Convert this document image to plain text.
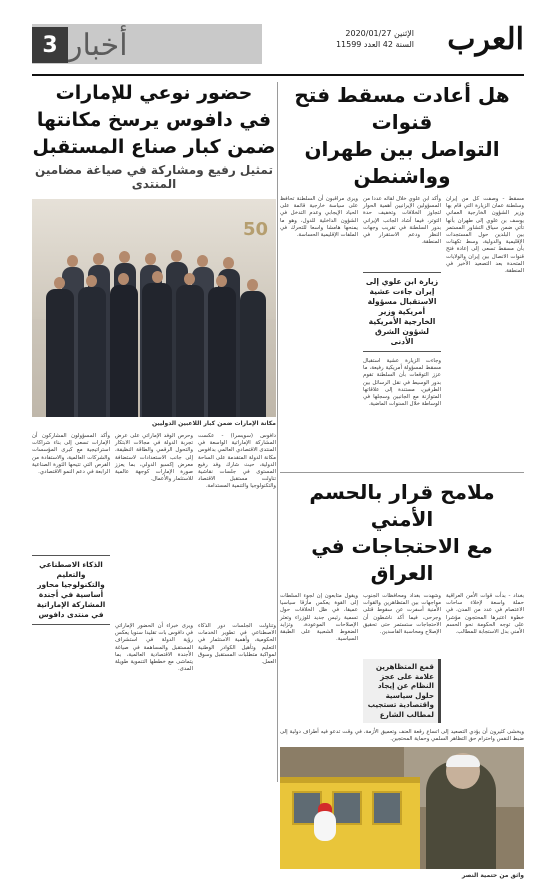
العرب
الإثنين 2020/01/27
السنة 42 العدد 11599
أخبار
3
هل أعادت مسقط فتح قنوات
التواصل بين طهران وواشنطن

مسقط - وصفت كل من إيران وسلطنة عمان الزيارة التي قام بها وزير الشؤون الخارجية العماني يوسف بن علوي إلى طهران بأنها تأتي ضمن سياق التشاور المستمر بين البلدين حول المستجدات الإقليمية والدولية، وسط تكهنات بأن مسقط تسعى إلى إعادة فتح قنوات الاتصال بين إيران والولايات المتحدة بعد التصعيد الأخير في المنطقة.

وأكد ابن علوي خلال لقائه عددا من المسؤولين الإيرانيين أهمية الحوار لتجاوز الخلافات وتخفيف حدة التوتر، فيما أشاد الجانب الإيراني بدور السلطنة في تقريب وجهات النظر ودعم الاستقرار في المنطقة.

زيارة ابن علوي إلى إيران جاءت عشية الاستقبال مسؤولة أمريكية وزير الخارجية الأمريكية لشؤون الشرق الأدنى

وجاءت الزيارة عشية استقبال مسقط لمسؤولة أمريكية رفيعة، ما عزز التوقعات بأن السلطنة تقوم بدور الوسيط في نقل الرسائل بين الطرفين، مستندة إلى علاقاتها المتوازنة مع الجانبين وسجلها في الوساطة خلال السنوات الماضية.

ويرى مراقبون أن السلطنة تحافظ على سياسة خارجية قائمة على الحياد الإيجابي وعدم التدخل في الشؤون الداخلية للدول، وهو ما يمنحها هامشا واسعا للتحرك في الملفات الإقليمية الحساسة.

ملامح قرار بالحسم الأمني
مع الاحتجاجات في العراق

بغداد - بدأت قوات الأمن العراقية حملة واسعة لإخلاء ساحات الاعتصام في عدد من المدن، في خطوة اعتبرها المحتجون مؤشرا على توجه الحكومة نحو الحسم الأمني بدل الاستجابة للمطالب.

وشهدت بغداد ومحافظات الجنوب مواجهات بين المتظاهرين والقوات الأمنية أسفرت عن سقوط قتلى وجرحى، فيما أكد ناشطون أن الاحتجاجات ستستمر حتى تحقيق الإصلاح ومحاسبة الفاسدين.

قمع المتظاهرين علامة على عجز النظام عن إيجاد حلول سياسية واقتصادية تستجيب لمطالب الشارع

ويقول متابعون إن لجوء السلطات إلى القوة يعكس مأزقا سياسيا عميقا، في ظل الخلافات حول تسمية رئيس جديد للوزراء وتعثر الإصلاحات الموعودة، وتزايد الضغوط الشعبية على الطبقة السياسية.

ويخشى كثيرون أن يؤدي التصعيد إلى اتساع رقعة العنف وتعميق الأزمة، في وقت تدعو فيه أطراف دولية إلى ضبط النفس واحترام حق التظاهر السلمي وحماية المحتجين.

واثق من حتمية النصر
حضور نوعي للإمارات
في دافوس يرسخ مكانتها
ضمن كبار صناع المستقبل
تمثيل رفيع ومشاركة في صياغة مضامين المنتدى
50
مكانة الإمارات ضمن كبار اللاعبين الدوليين

دافوس (سويسرا) - عكست المشاركة الإماراتية الواسعة في المنتدى الاقتصادي العالمي بدافوس مكانة الدولة المتقدمة على الساحة الدولية، حيث شارك وفد رفيع المستوى في جلسات نقاشية تناولت مستقبل الاقتصاد والتكنولوجيا والتنمية المستدامة.

وتناولت الجلسات دور الذكاء الاصطناعي في تطوير الخدمات الحكومية، وأهمية الاستثمار في التعليم وتأهيل الكوادر الوطنية لمواكبة متطلبات المستقبل وسوق العمل.

وحرص الوفد الإماراتي على عرض تجربة الدولة في مجالات الابتكار والتحول الرقمي والطاقة النظيفة، إلى جانب الاستعدادات لاستضافة معرض إكسبو الدولي، بما يعزز صورة الإمارات كوجهة عالمية للاستثمار والأعمال.

ويرى خبراء أن الحضور الإماراتي في دافوس بات تقليدا سنويا يعكس رؤية الدولة في استشراف المستقبل والمساهمة في صياغة الأجندة الاقتصادية العالمية، بما يتماشى مع خططها التنموية طويلة المدى.

وأكد المسؤولون المشاركون أن الإمارات تسعى إلى بناء شراكات استراتيجية مع كبرى المؤسسات والشركات العالمية، والاستفادة من الفرص التي تتيحها الثورة الصناعية الرابعة في دعم النمو الاقتصادي.

الذكاء الاصطناعي والتعليم والتكنولوجيا محاور أساسية في أجندة المشاركة الإماراتية في منتدى دافوس
